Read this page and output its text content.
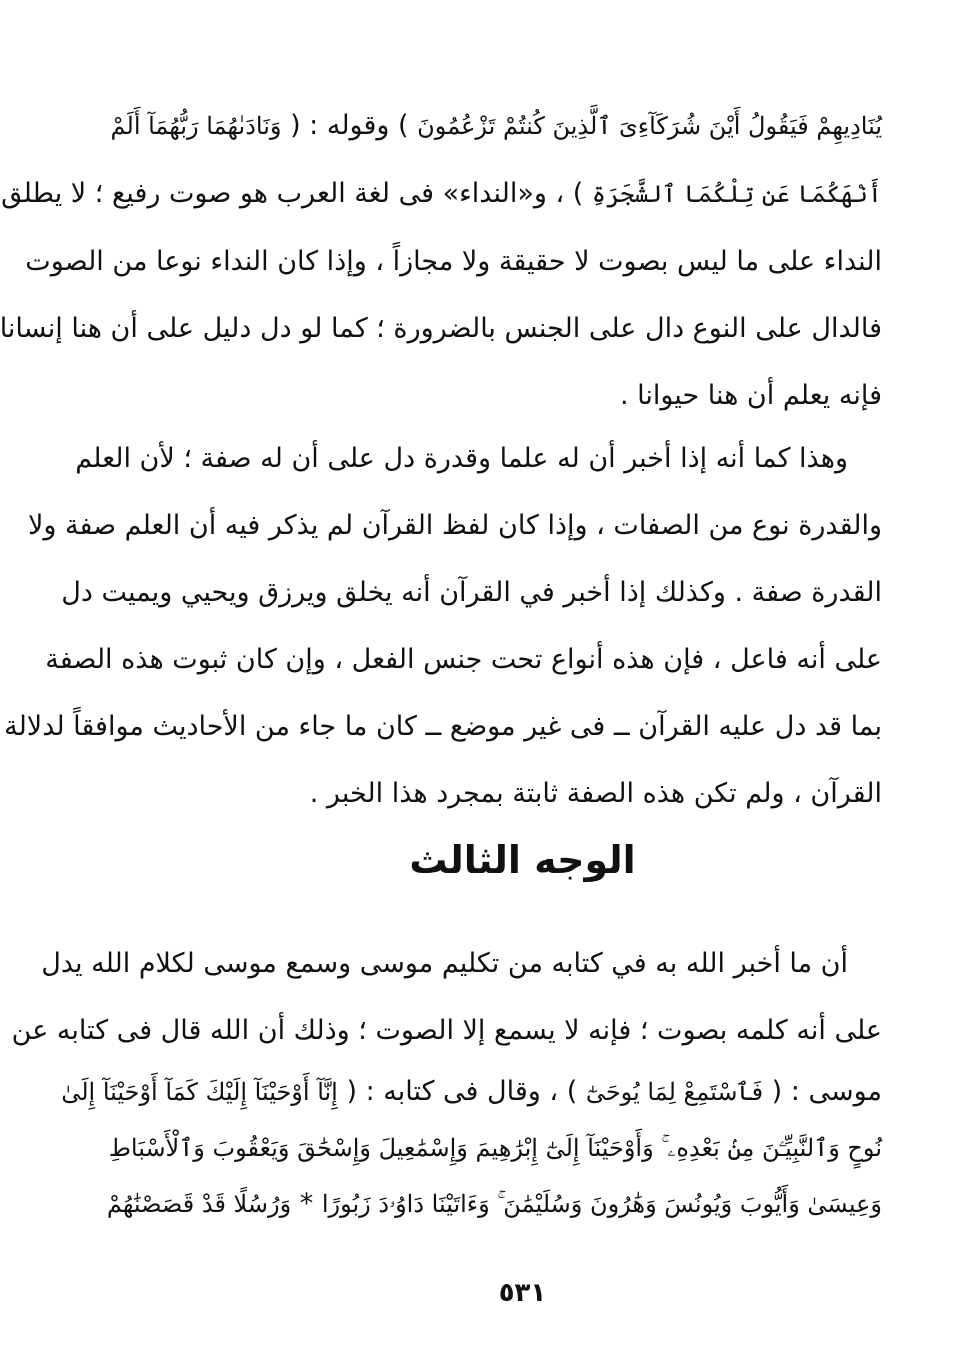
يُنَادِيهِمْ فَيَقُولُ أَيْنَ شُرَكَآءِىَ ٱلَّذِينَ كُنتُمْ تَزْعُمُونَ ) وقوله : ( وَنَادَىٰهُمَا رَبُّهُمَآ أَلَمْ
أَنْهَكُمَا عَن تِلْكُمَا ٱلشَّجَرَةِ ) ، و«النداء» فى لغة العرب هو صوت رفيع ؛ لا يطلق
النداء على ما ليس بصوت لا حقيقة ولا مجازاً ، وإذا كان النداء نوعا من الصوت
فالدال على النوع دال على الجنس بالضرورة ؛ كما لو دل دليل على أن هنا إنسانا
فإنه يعلم أن هنا حيوانا .

وهذا كما أنه إذا أخبر أن له علما وقدرة دل على أن له صفة ؛ لأن العلم
والقدرة نوع من الصفات ، وإذا كان لفظ القرآن لم يذكر فيه أن العلم صفة ولا
القدرة صفة . وكذلك إذا أخبر في القرآن أنه يخلق ويرزق ويحيي ويميت دل
على أنه فاعل ، فإن هذه أنواع تحت جنس الفعل ، وإن كان ثبوت هذه الصفة
بما قد دل عليه القرآن ــ فى غير موضع ــ كان ما جاء من الأحاديث موافقاً لدلالة
القرآن ، ولم تكن هذه الصفة ثابتة بمجرد هذا الخبر .

الوجه الثالث

أن ما أخبر الله به في كتابه من تكليم موسى وسمع موسى لكلام الله يدل
على أنه كلمه بصوت ؛ فإنه لا يسمع إلا الصوت ؛ وذلك أن الله قال فى كتابه عن
موسى : ( فَٱسْتَمِعْ لِمَا يُوحَىٰٓ ) ، وقال فى كتابه : ( إِنَّآ أَوْحَيْنَآ إِلَيْكَ كَمَآ أَوْحَيْنَآ إِلَىٰ
نُوحٍ وَٱلنَّبِيِّـۧنَ مِنۢ بَعْدِهِۦ ۚ وَأَوْحَيْنَآ إِلَىٰٓ إِبْرَٰهِيمَ وَإِسْمَٰعِيلَ وَإِسْحَٰقَ وَيَعْقُوبَ وَٱلْأَسْبَاطِ
وَعِيسَىٰ وَأَيُّوبَ وَيُونُسَ وَهَٰرُونَ وَسُلَيْمَٰنَ ۚ وَءَاتَيْنَا دَاوُۥدَ زَبُورًا * وَرُسُلًا قَدْ قَصَصْنَٰهُمْ

٥٣١
